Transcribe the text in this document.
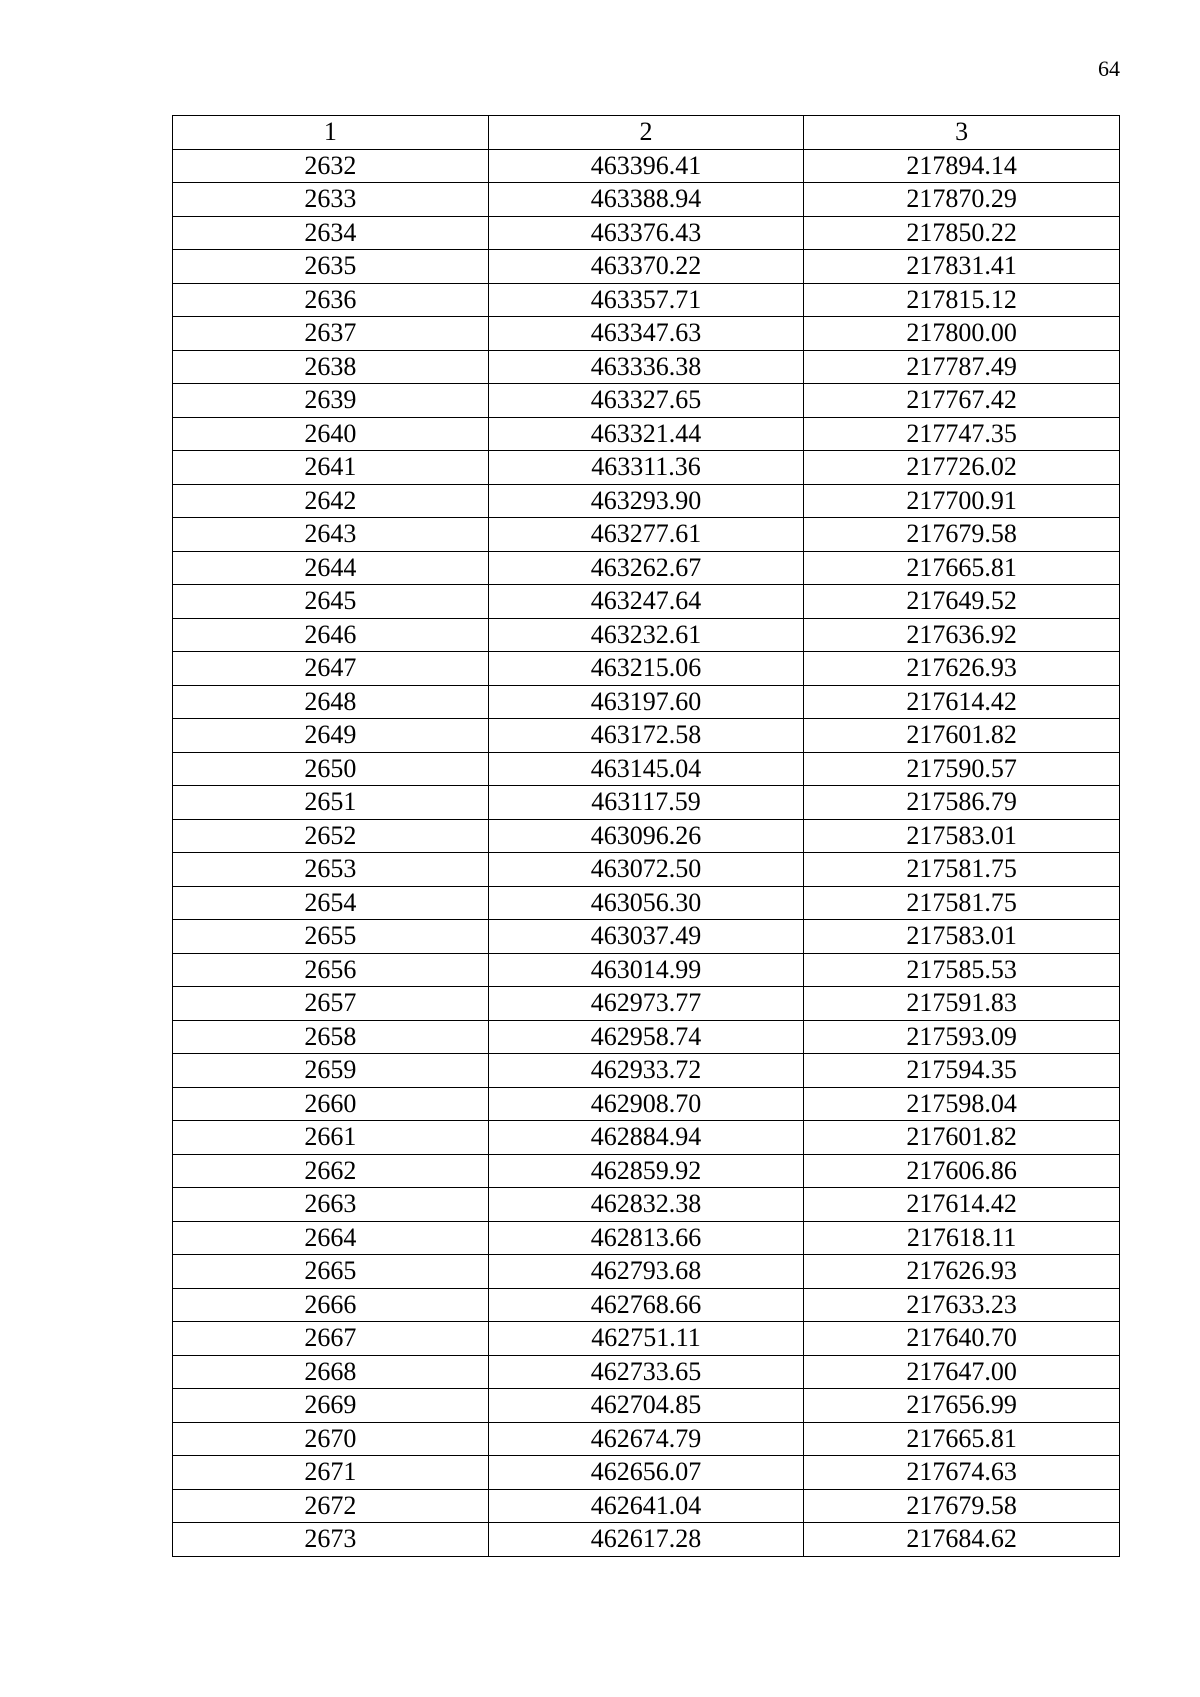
64
1	2	3
2632	463396.41	217894.14
2633	463388.94	217870.29
2634	463376.43	217850.22
2635	463370.22	217831.41
2636	463357.71	217815.12
2637	463347.63	217800.00
2638	463336.38	217787.49
2639	463327.65	217767.42
2640	463321.44	217747.35
2641	463311.36	217726.02
2642	463293.90	217700.91
2643	463277.61	217679.58
2644	463262.67	217665.81
2645	463247.64	217649.52
2646	463232.61	217636.92
2647	463215.06	217626.93
2648	463197.60	217614.42
2649	463172.58	217601.82
2650	463145.04	217590.57
2651	463117.59	217586.79
2652	463096.26	217583.01
2653	463072.50	217581.75
2654	463056.30	217581.75
2655	463037.49	217583.01
2656	463014.99	217585.53
2657	462973.77	217591.83
2658	462958.74	217593.09
2659	462933.72	217594.35
2660	462908.70	217598.04
2661	462884.94	217601.82
2662	462859.92	217606.86
2663	462832.38	217614.42
2664	462813.66	217618.11
2665	462793.68	217626.93
2666	462768.66	217633.23
2667	462751.11	217640.70
2668	462733.65	217647.00
2669	462704.85	217656.99
2670	462674.79	217665.81
2671	462656.07	217674.63
2672	462641.04	217679.58
2673	462617.28	217684.62
